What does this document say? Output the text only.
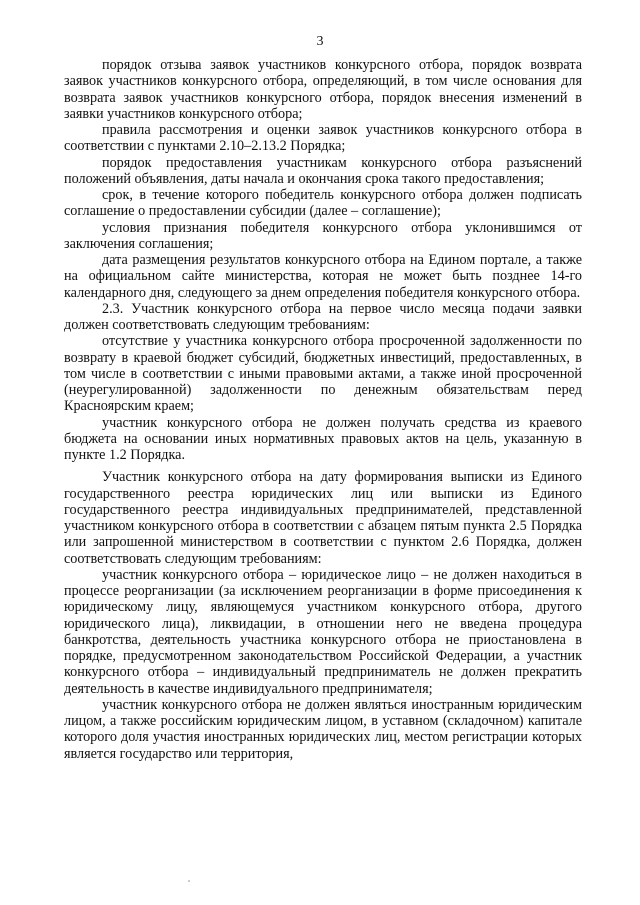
3

порядок отзыва заявок участников конкурсного отбора, порядок возврата заявок участников конкурсного отбора, определяющий, в том числе основания для возврата заявок участников конкурсного отбора, порядок внесения изменений в заявки участников конкурсного отбора;

правила рассмотрения и оценки заявок участников конкурсного отбора в соответствии с пунктами 2.10–2.13.2 Порядка;

порядок предоставления участникам конкурсного отбора разъяснений положений объявления, даты начала и окончания срока такого предоставления;

срок, в течение которого победитель конкурсного отбора должен подписать соглашение о предоставлении субсидии (далее – соглашение);

условия признания победителя конкурсного отбора уклонившимся от заключения соглашения;

дата размещения результатов конкурсного отбора на Едином портале, а также на официальном сайте министерства, которая не может быть позднее 14-го календарного дня, следующего за днем определения победителя конкурсного отбора.

2.3. Участник конкурсного отбора на первое число месяца подачи заявки должен соответствовать следующим требованиям:

отсутствие у участника конкурсного отбора просроченной задолженности по возврату в краевой бюджет субсидий, бюджетных инвестиций, предоставленных, в том числе в соответствии с иными правовыми актами, а также иной просроченной (неурегулированной) задолженности по денежным обязательствам перед Красноярским краем;

участник конкурсного отбора не должен получать средства из краевого бюджета на основании иных нормативных правовых актов на цель, указанную в пункте 1.2 Порядка.

Участник конкурсного отбора на дату формирования выписки из Единого государственного реестра юридических лиц или выписки из Единого государственного реестра индивидуальных предпринимателей, представленной участником конкурсного отбора в соответствии с абзацем пятым пункта 2.5 Порядка или запрошенной министерством в соответствии с пунктом 2.6 Порядка, должен соответствовать следующим требованиям:

участник конкурсного отбора – юридическое лицо – не должен находиться в процессе реорганизации (за исключением реорганизации в форме присоединения к юридическому лицу, являющемуся участником конкурсного отбора, другого юридического лица), ликвидации, в отношении него не введена процедура банкротства, деятельность участника конкурсного отбора не приостановлена в порядке, предусмотренном законодательством Российской Федерации, а участник конкурсного отбора – индивидуальный предприниматель не должен прекратить деятельность в качестве индивидуального предпринимателя;

участник конкурсного отбора не должен являться иностранным юридическим лицом, а также российским юридическим лицом, в уставном (складочном) капитале которого доля участия иностранных юридических лиц, местом регистрации которых является государство или территория,
